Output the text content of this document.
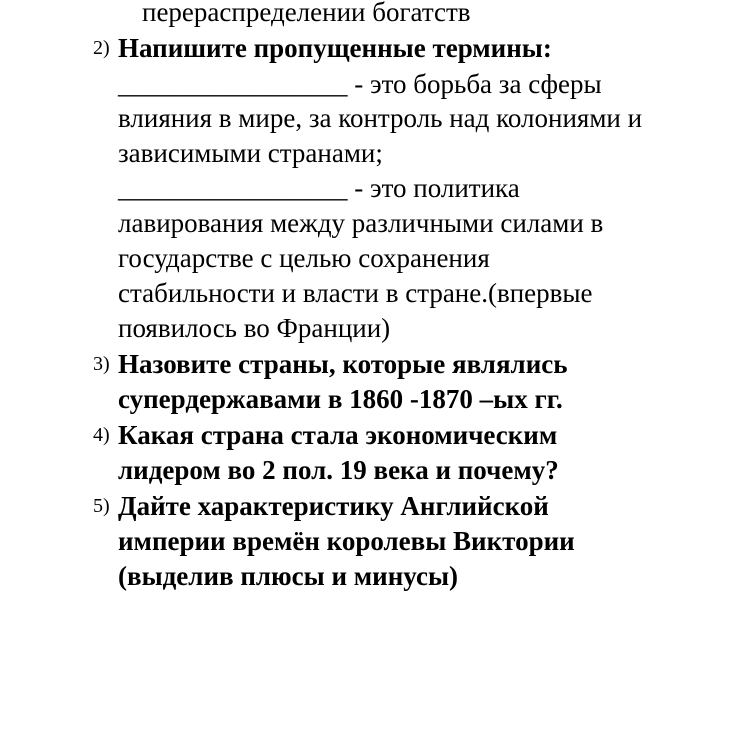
перераспределении богатств
2) Напишите пропущенные термины:
_________________ - это борьба за сферы
влияния в мире, за контроль над колониями и
зависимыми странами;
_________________ - это политика
лавирования между различными силами в
государстве с целью сохранения
стабильности и власти в стране.(впервые
появилось во Франции)
3) Назовите страны, которые являлись
супердержавами в 1860 -1870 –ых гг.
4) Какая страна стала экономическим
лидером во 2 пол. 19 века и почему?
5) Дайте характеристику Английской
империи времён королевы Виктории
(выделив плюсы и минусы)
